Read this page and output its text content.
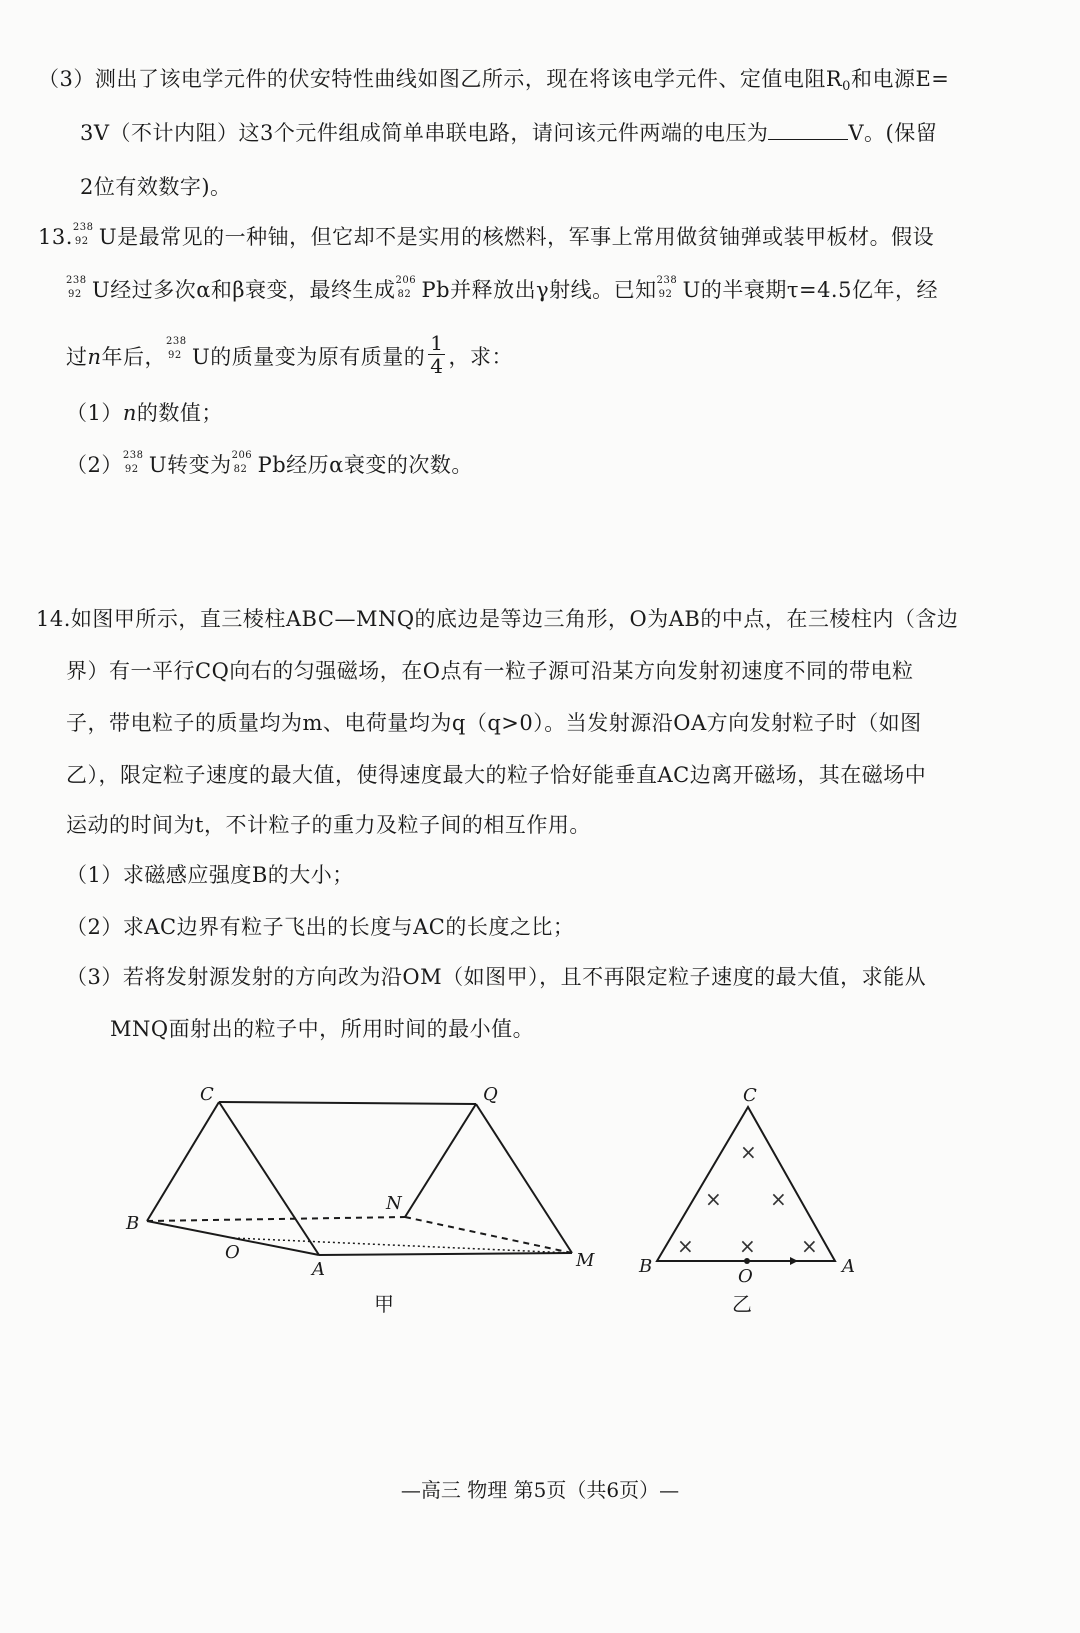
（3）测出了该电学元件的伏安特性曲线如图乙所示，现在将该电学元件、定值电阻$R_0$和电源E=
3V（不计内阻）这3个元件组成简单串联电路，请问该元件两端的电压为	V。(保留
2位有效数字)。
13. 238
92 U是最常见的一种铀，但它却不是实用的核燃料，军事上常用做贫铀弹或装甲板材。假设
238
92 U经过多次α和β衰变，最终生成 206
82 Pb并释放出γ射线。已知 238
92 U的半衰期τ=4.5亿年，经
过n年后，
238
92 U的质量变为原有质量的 $\frac{1}{4}$ ，求：
（1）n的数值；
（2） 238
92 U转变为 206
82 Pb经历α衰变的次数。
14.如图甲所示，直三棱柱ABC—MNQ的底边是等边三角形，O为AB的中点，在三棱柱内（含边
界）有一平行CQ向右的匀强磁场，在O点有一粒子源可沿某方向发射初速度不同的带电粒
子，带电粒子的质量均为m、电荷量均为q（q>0）。当发射源沿OA方向发射粒子时（如图
乙），限定粒子速度的最大值，使得速度最大的粒子恰好能垂直AC边离开磁场，其在磁场中
运动的时间为t，不计粒子的重力及粒子间的相互作用。
（1）求磁感应强度B的大小；
（2）求AC边界有粒子飞出的长度与AC的长度之比；
（3）若将发射源发射的方向改为沿OM（如图甲），且不再限定粒子速度的最大值，求能从
MNQ面射出的粒子中，所用时间的最小值。
C	Q
N
B
O
A	M
甲
×
× ×
× × ×
C
B	O	A
乙
—高三 物理 第5页（共6页）—
